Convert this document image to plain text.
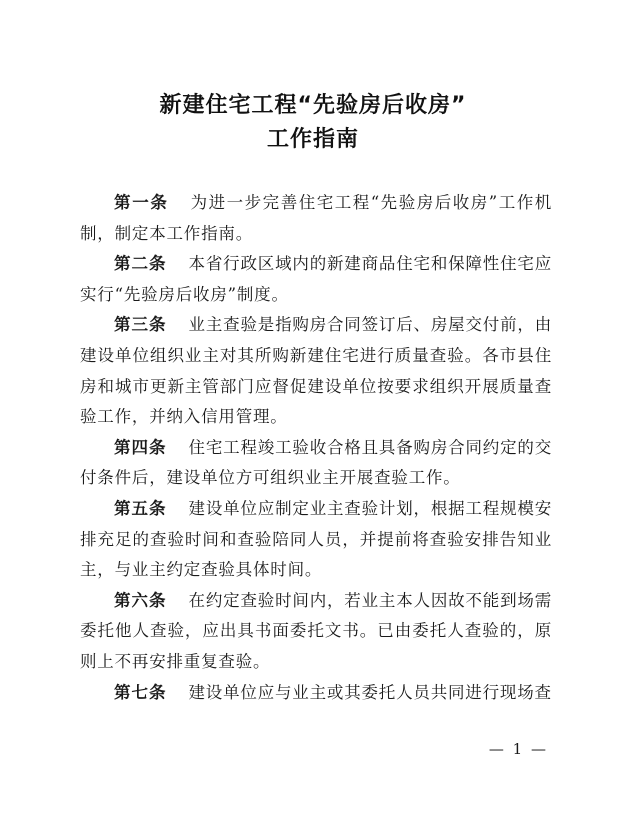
新建住宅工程“先验房后收房”
工作指南

第一条 为进一步完善住宅工程“先验房后收房”工作机制，制定本工作指南。

第二条 本省行政区域内的新建商品住宅和保障性住宅应实行“先验房后收房”制度。

第三条 业主查验是指购房合同签订后、房屋交付前，由建设单位组织业主对其所购新建住宅进行质量查验。各市县住房和城市更新主管部门应督促建设单位按要求组织开展质量查验工作，并纳入信用管理。

第四条 住宅工程竣工验收合格且具备购房合同约定的交付条件后，建设单位方可组织业主开展查验工作。

第五条 建设单位应制定业主查验计划，根据工程规模安排充足的查验时间和查验陪同人员，并提前将查验安排告知业主，与业主约定查验具体时间。

第六条 在约定查验时间内，若业主本人因故不能到场需委托他人查验，应出具书面委托文书。已由委托人查验的，原则上不再安排重复查验。

第七条 建设单位应与业主或其委托人员共同进行现场查

— 1 —
